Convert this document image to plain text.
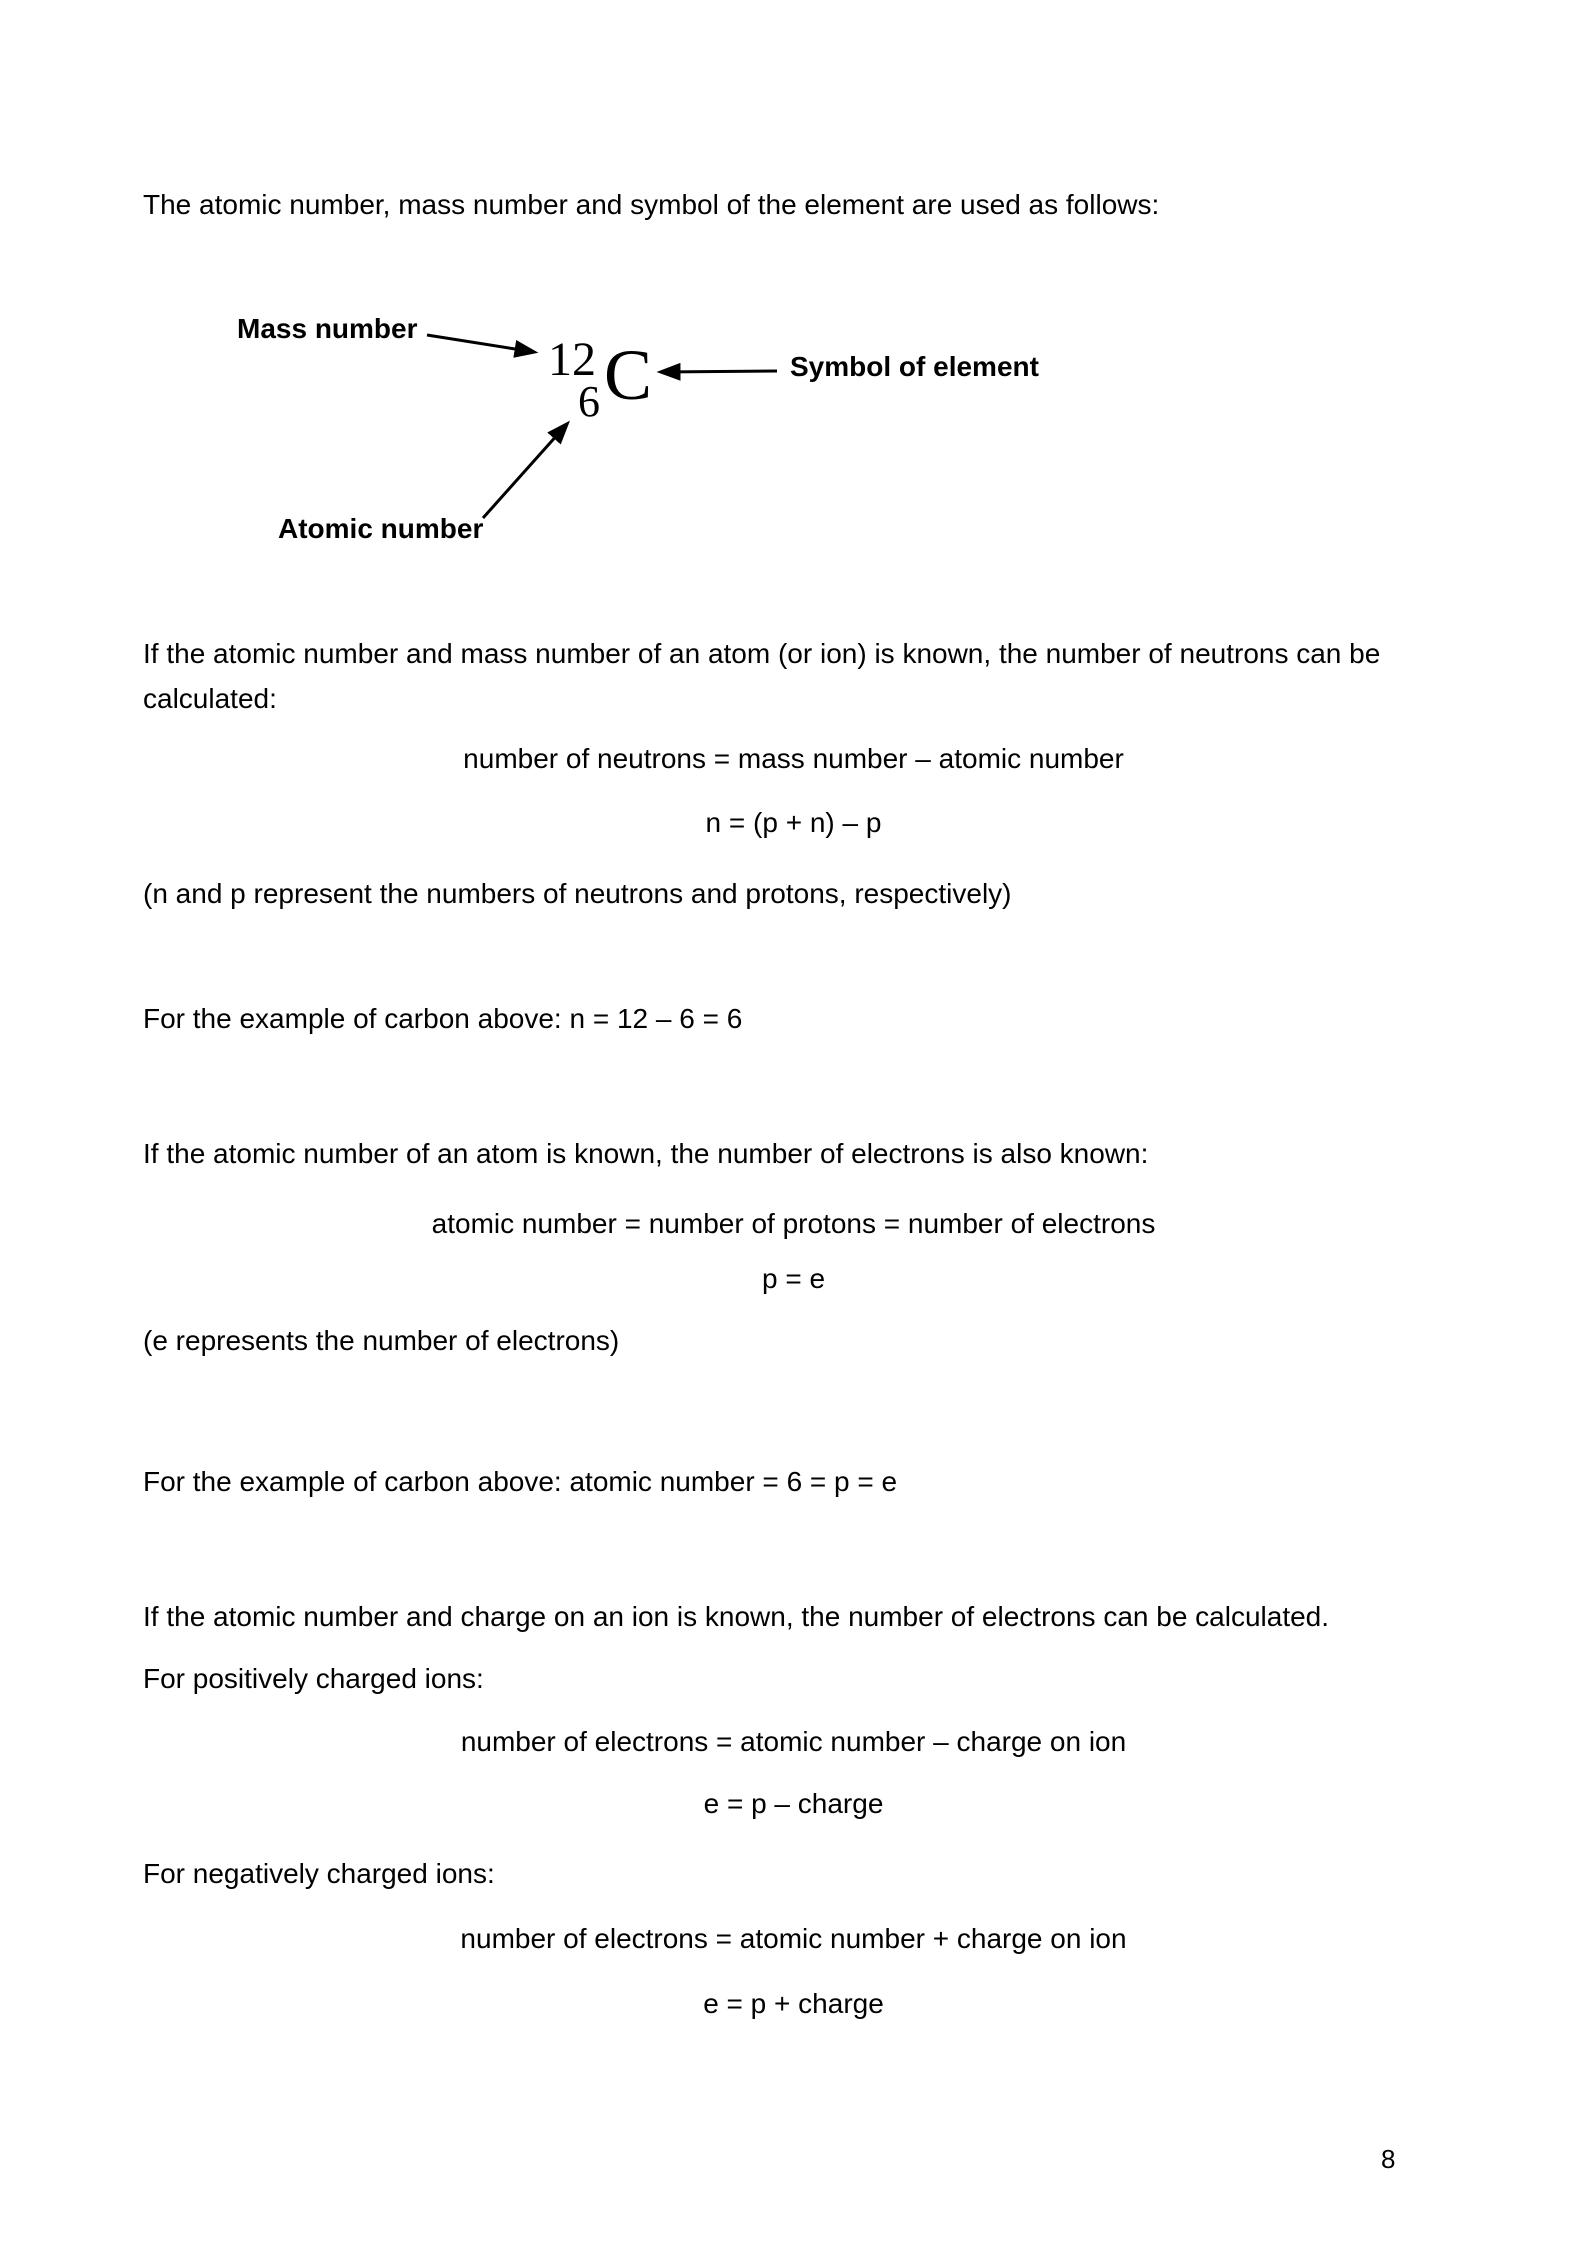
The atomic number, mass number and symbol of the element are used as follows:
Mass number
Symbol of element
Atomic number
12 C
6
If the atomic number and mass number of an atom (or ion) is known, the number of neutrons can be calculated:
number of neutrons = mass number – atomic number
n = (p + n) – p
(n and p represent the numbers of neutrons and protons, respectively)
For the example of carbon above: n = 12 – 6 = 6
If the atomic number of an atom is known, the number of electrons is also known:
atomic number = number of protons = number of electrons
p = e
(e represents the number of electrons)
For the example of carbon above: atomic number = 6 = p = e
If the atomic number and charge on an ion is known, the number of electrons can be calculated.
For positively charged ions:
number of electrons = atomic number – charge on ion
e = p – charge
For negatively charged ions:
number of electrons = atomic number + charge on ion
e = p + charge
8
